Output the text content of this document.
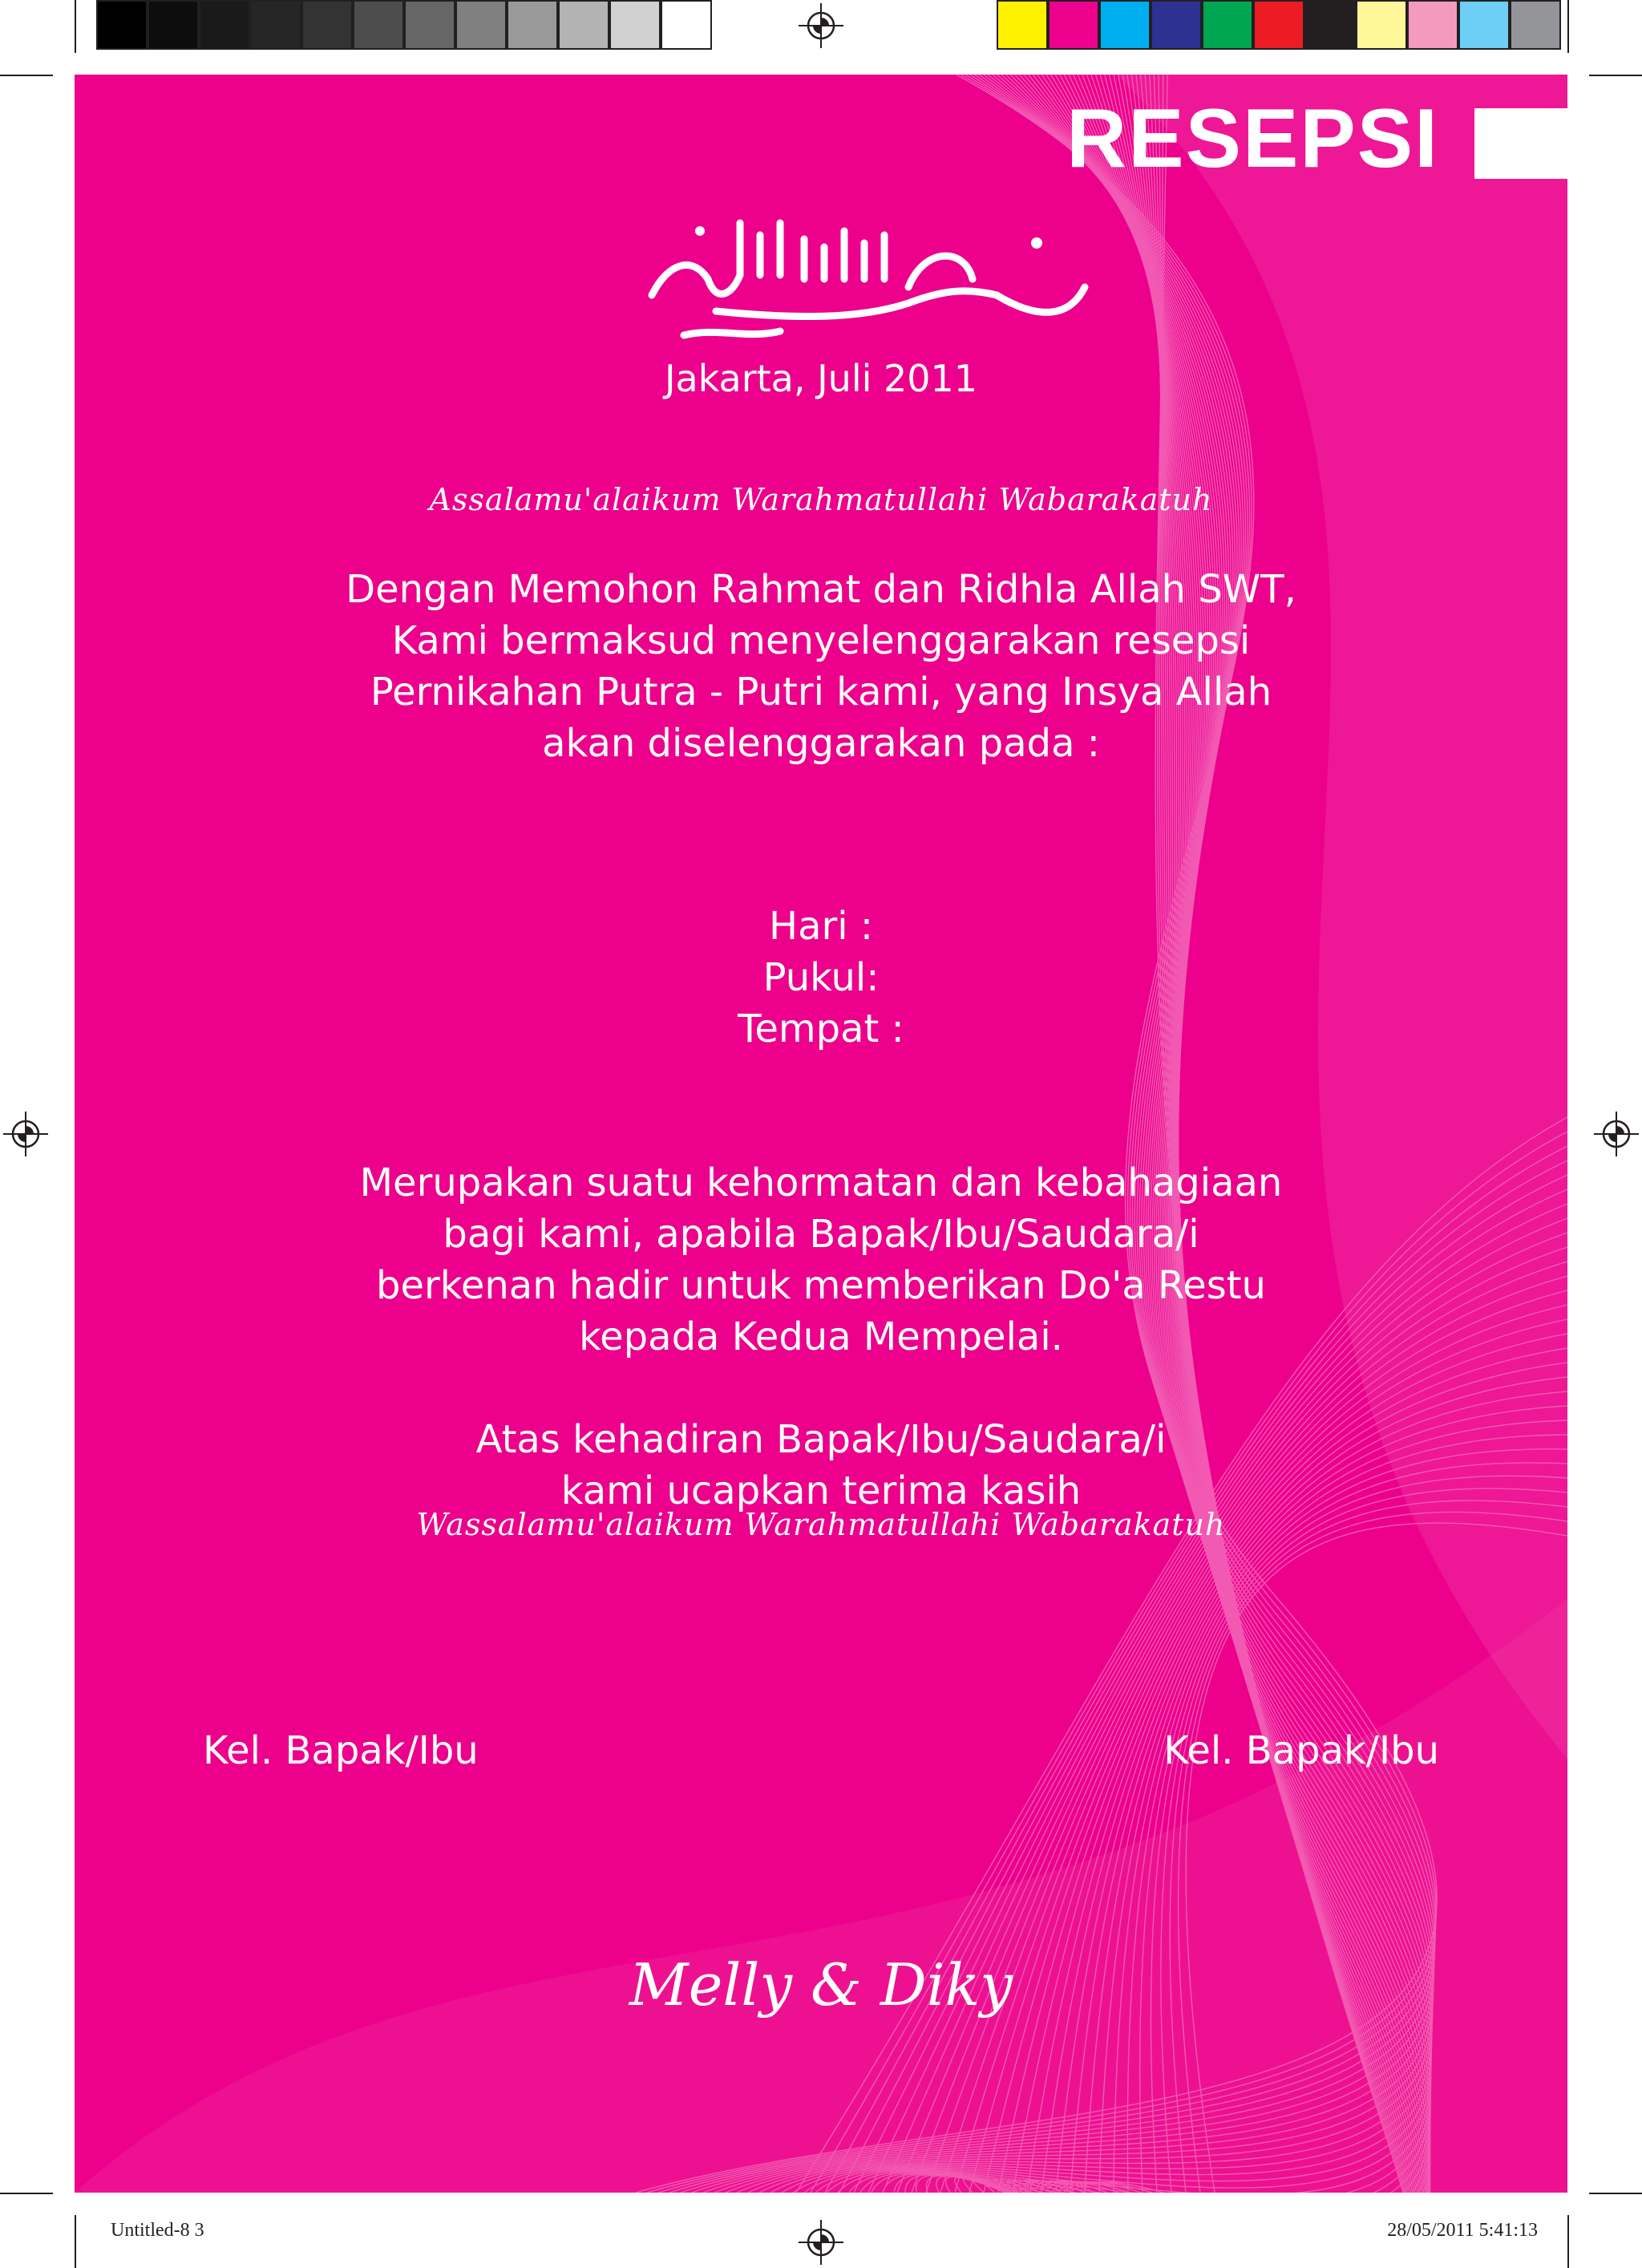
RESEPSI
Jakarta, Juli 2011
Assalamu'alaikum Warahmatullahi Wabarakatuh
Dengan Memohon Rahmat dan Ridhla Allah SWT,
Kami bermaksud menyelenggarakan resepsi
Pernikahan Putra - Putri kami, yang Insya Allah
akan diselenggarakan pada :
Hari :
Pukul:
Tempat :
Merupakan suatu kehormatan dan kebahagiaan
bagi kami, apabila Bapak/Ibu/Saudara/i
berkenan hadir untuk memberikan Do'a Restu
kepada Kedua Mempelai.
Atas kehadiran Bapak/Ibu/Saudara/i
kami ucapkan terima kasih
Wassalamu'alaikum Warahmatullahi Wabarakatuh
Kel. Bapak/Ibu	Kel. Bapak/Ibu
Melly & Diky
Untitled-8 3	28/05/2011 5:41:13
